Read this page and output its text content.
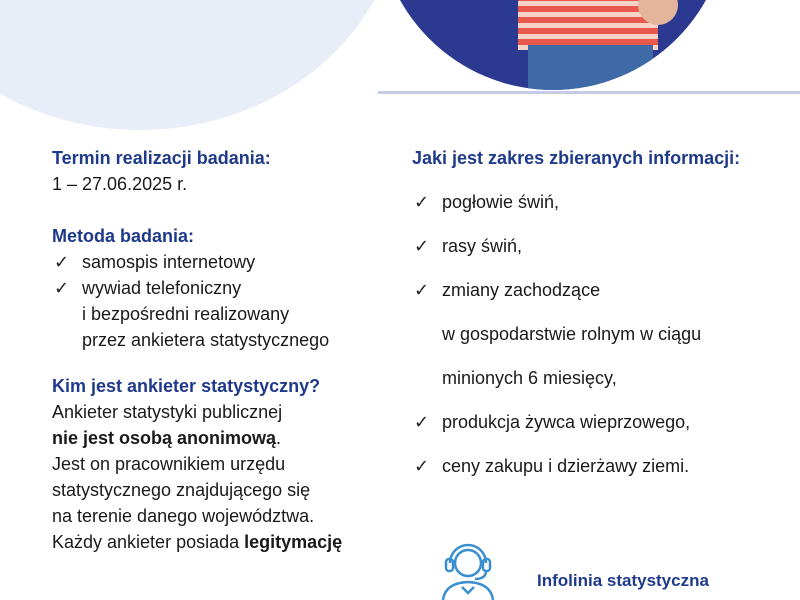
Termin realizacji badania:
1 – 27.06.2025 r.
Metoda badania:
✓ samospis internetowy
✓ wywiad telefoniczny
i bezpośredni realizowany
przez ankietera statystycznego
Kim jest ankieter statystyczny?
Ankieter statystyki publicznej
nie jest osobą anonimową.
Jest on pracownikiem urzędu
statystycznego znajdującego się
na terenie danego województwa.
Każdy ankieter posiada legitymację
Jaki jest zakres zbieranych informacji:
✓ pogłowie świń,
✓ rasy świń,
✓ zmiany zachodzące
w gospodarstwie rolnym w ciągu
minionych 6 miesięcy,
✓ produkcja żywca wieprzowego,
✓ ceny zakupu i dzierżawy ziemi.
Infolinia statystyczna
